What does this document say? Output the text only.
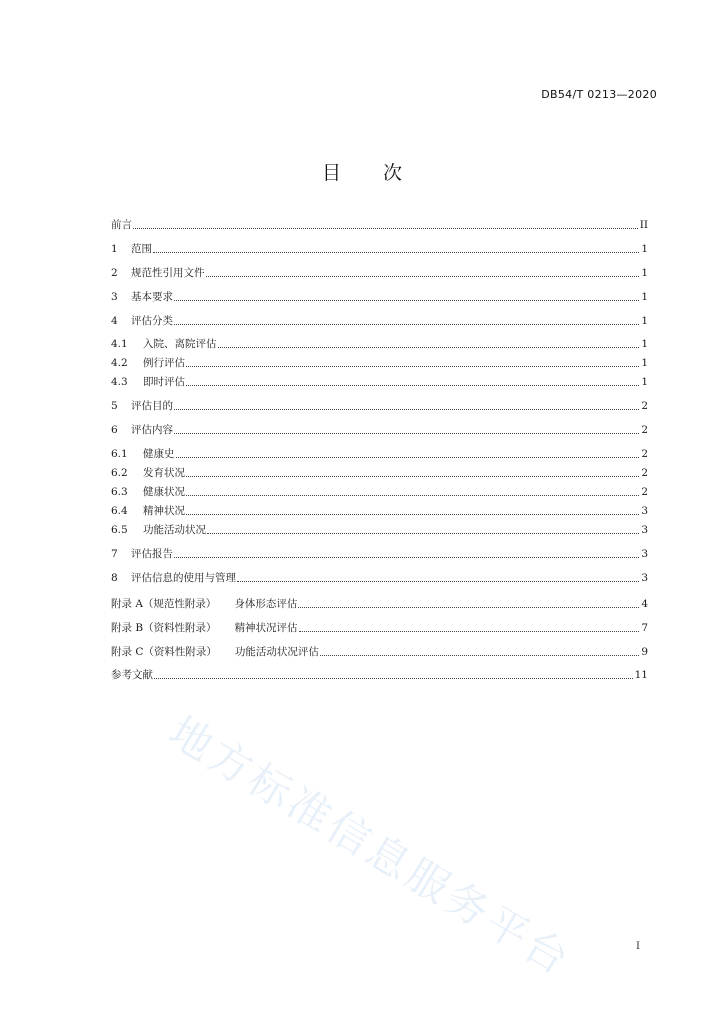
地方标准信息服务平台
DB54/T 0213—2020
目 次
前言	II
1	范围	1
2	规范性引用文件	1
3	基本要求	1
4	评估分类	1
4.1	入院、离院评估	1
4.2	例行评估	1
4.3	即时评估	1
5	评估目的	2
6	评估内容	2
6.1	健康史	2
6.2	发育状况	2
6.3	健康状况	2
6.4	精神状况	3
6.5	功能活动状况	3
7	评估报告	3
8	评估信息的使用与管理	3
附录 A（规范性附录） 身体形态评估	4
附录 B（资料性附录） 精神状况评估	7
附录 C（资料性附录） 功能活动状况评估	9
参考文献	11
I
